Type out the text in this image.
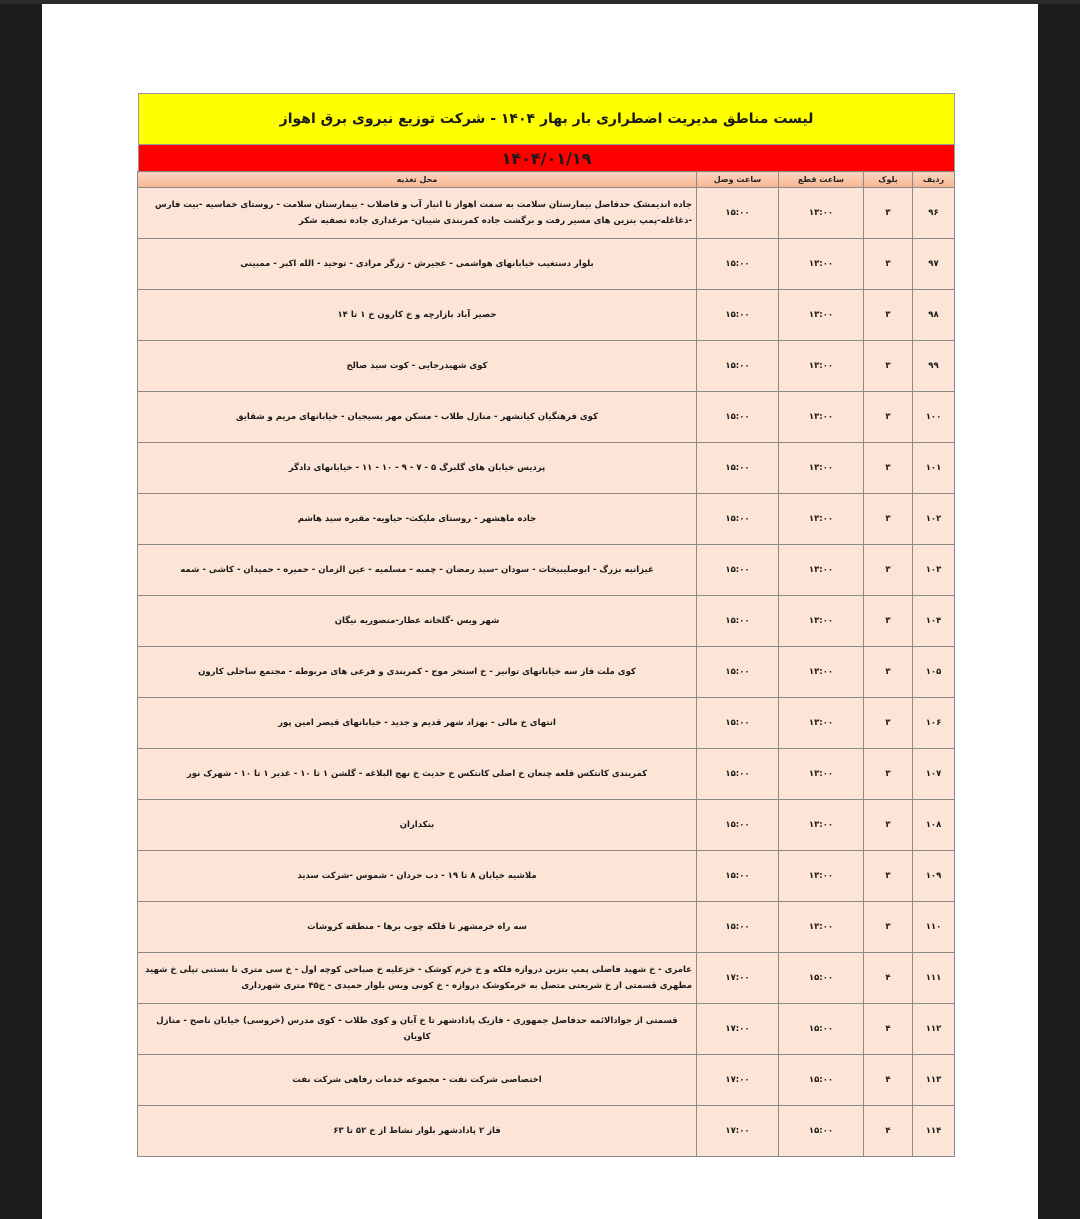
لیست مناطق مدیریت اضطراری بار بهار ۱۴۰۴ - شرکت توزیع نیروی برق اهواز
۱۴۰۴/۰۱/۱۹
ردیف	بلوک	ساعت قطع	ساعت وصل	محل تغذیه
۹۶	۳	۱۳:۰۰	۱۵:۰۰	جاده اندیمشک حدفاصل بیمارستان سلامت به سمت اهواز تا انبار آب و فاضلاب - بیمارستان سلامت - روستای خماسیه -بیت فارس -دغاغله-پمپ بنزین های مسیر رفت و برگشت جاده کمربندی شیبان- مرغداری جاده تصفیه شکر
۹۷	۳	۱۳:۰۰	۱۵:۰۰	بلوار دستغیب خیابانهای هواشمی - عجیرش - زرگر مرادی - توحید - الله اکبر - ممبینی
۹۸	۳	۱۳:۰۰	۱۵:۰۰	حصیر آباد بازارچه و خ کارون خ ۱ تا ۱۴
۹۹	۳	۱۳:۰۰	۱۵:۰۰	کوی شهیدرجایی - کوت سید صالح
۱۰۰	۳	۱۳:۰۰	۱۵:۰۰	کوی فرهنگیان کیانشهر - منازل طلاب - مسکن مهر بسیجیان - خیابانهای مریم و شقایق
۱۰۱	۳	۱۳:۰۰	۱۵:۰۰	پردیس خیابان های گلبرگ ۵ - ۷ - ۹ - ۱۰ - ۱۱ - خیابانهای دادگر
۱۰۲	۳	۱۳:۰۰	۱۵:۰۰	جاده ماهشهر - روستای ملیکث- حیاویه- مقبره سید هاشم
۱۰۳	۳	۱۳:۰۰	۱۵:۰۰	غیزانیه بزرگ - ابوصلیبیخات - سودان -سید رمضان - چمبه - مسلمیه - عین الزمان - حمیره - حمیدان - کاشی - شمه
۱۰۴	۳	۱۳:۰۰	۱۵:۰۰	شهر ویس -گلخانه عطار-منصوریه نیگان
۱۰۵	۳	۱۳:۰۰	۱۵:۰۰	کوی ملت فاز سه خیابانهای توانیر - خ استخر موج - کمربندی و فرعی های مربوطه - مجتمع ساحلی کارون
۱۰۶	۳	۱۳:۰۰	۱۵:۰۰	انتهای خ مالی - بهزاد شهر قدیم و جدید - خیابانهای قیصر امین پور
۱۰۷	۳	۱۳:۰۰	۱۵:۰۰	کمربندی کانتکس قلعه چنعان خ اصلی کانتکس خ حدیث خ نهج البلاغه - گلشن ۱ تا ۱۰ - غدیر ۱ تا ۱۰ - شهرک نور
۱۰۸	۳	۱۳:۰۰	۱۵:۰۰	بنکداران
۱۰۹	۳	۱۳:۰۰	۱۵:۰۰	ملاشیه خیابان ۸ تا ۱۹ - دب حردان - شموس -شرکت سدید
۱۱۰	۳	۱۳:۰۰	۱۵:۰۰	سه راه خرمشهر تا فلکه چوب برها - منطقه کروشات
۱۱۱	۴	۱۵:۰۰	۱۷:۰۰	عامری - خ شهید فاضلی پمپ بنزین دروازه فلکه و خ خرم کوشک - خزعلیه خ صباحی کوچه اول - خ سی متری تا بستنی تپلی خ شهید مطهری قسمتی از خ شریعتی متصل به خرمکوشک دروازه - خ کونی ویس بلوار حمیدی - خ۴۵ متری شهرداری
۱۱۲	۴	۱۵:۰۰	۱۷:۰۰	قسمتی از جوادالائمه حدفاصل جمهوری - فازیک پادادشهر تا خ آبان و کوی طلاب - کوی مدرس (خروسی) خیابان ناصح - منازل کاویان
۱۱۳	۴	۱۵:۰۰	۱۷:۰۰	اختصاصی شرکت نفت - مجموعه خدمات رفاهی شرکت نفت
۱۱۴	۴	۱۵:۰۰	۱۷:۰۰	فاز ۲ پادادشهر بلوار نشاط از خ ۵۲ تا ۶۳
